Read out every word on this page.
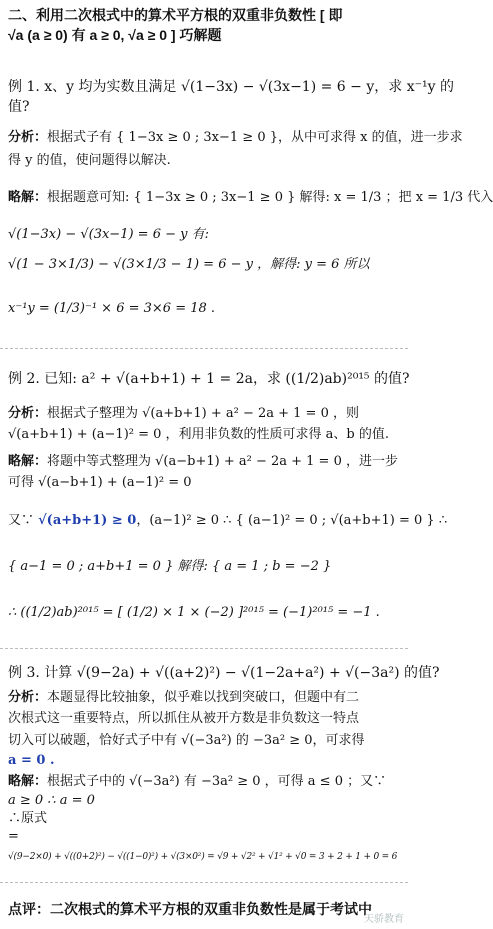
二、利用二次根式中的算术平方根的双重非负数性 [ 即
√a (a ≥ 0) 有 a ≥ 0, √a ≥ 0 ] 巧解题
例 1. x、y 均为实数且满足 √(1−3x) − √(3x−1) = 6 − y，求 x⁻¹y 的
值?
分析：根据式子有 { 1−3x ≥ 0 ; 3x−1 ≥ 0 }，从中可求得 x 的值，进一步求
得 y 的值，使问题得以解决.
略解：根据题意可知: { 1−3x ≥ 0 ; 3x−1 ≥ 0 } 解得: x = 1/3 ；把 x = 1/3 代入
√(1−3x) − √(3x−1) = 6 − y 有:
√(1 − 3×1/3) − √(3×1/3 − 1) = 6 − y ，解得: y = 6 所以
x⁻¹y = (1/3)⁻¹ × 6 = 3×6 = 18 .
例 2. 已知: a² + √(a+b+1) + 1 = 2a，求 ((1/2)ab)²⁰¹⁵ 的值?
分析：根据式子整理为 √(a+b+1) + a² − 2a + 1 = 0 ，则
√(a+b+1) + (a−1)² = 0 ，利用非负数的性质可求得 a、b 的值.
略解：将题中等式整理为 √(a−b+1) + a² − 2a + 1 = 0 ，进一步
可得 √(a−b+1) + (a−1)² = 0
又∵ √(a+b+1) ≥ 0，(a−1)² ≥ 0 ∴ { (a−1)² = 0 ; √(a+b+1) = 0 } ∴
{ a−1 = 0 ; a+b+1 = 0 } 解得: { a = 1 ; b = −2 }
∴ ((1/2)ab)²⁰¹⁵ = [ (1/2) × 1 × (−2) ]²⁰¹⁵ = (−1)²⁰¹⁵ = −1 .
例 3. 计算 √(9−2a) + √((a+2)²) − √(1−2a+a²) + √(−3a²) 的值?
分析：本题显得比较抽象，似乎难以找到突破口，但题中有二
次根式这一重要特点，所以抓住从被开方数是非负数这一特点
切入可以破题，恰好式子中有 √(−3a²) 的 −3a² ≥ 0，可求得
a = 0 .
略解：根据式子中的 √(−3a²) 有 −3a² ≥ 0 ，可得 a ≤ 0 ；又∵
a ≥ 0 ∴ a = 0
∴原式
=
√(9−2×0) + √((0+2)²) − √((1−0)²) + √(3×0²) = √9 + √2² + √1² + √0 = 3 + 2 + 1 + 0 = 6
点评：二次根式的算术平方根的双重非负数性是属于考试中
天骄教育
